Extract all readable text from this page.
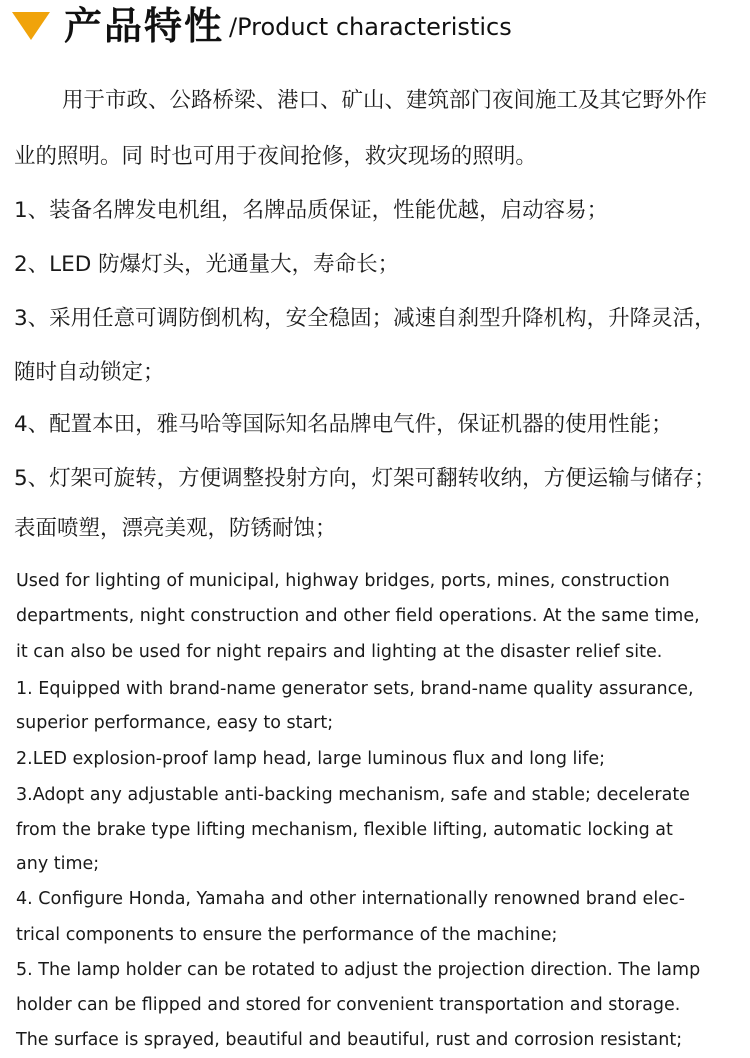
产品特性 /Product characteristics
用于市政、公路桥梁、港口、矿山、建筑部门夜间施工及其它野外作
业的照明。同 时也可用于夜间抢修，救灾现场的照明。
1、装备名牌发电机组，名牌品质保证，性能优越，启动容易；
2、LED 防爆灯头，光通量大，寿命长；
3、采用任意可调防倒机构，安全稳固；减速自刹型升降机构，升降灵活，
随时自动锁定；
4、配置本田，雅马哈等国际知名品牌电气件，保证机器的使用性能；
5、灯架可旋转，方便调整投射方向，灯架可翻转收纳，方便运输与储存；
表面喷塑，漂亮美观，防锈耐蚀；
Used for lighting of municipal, highway bridges, ports, mines, construction
departments, night construction and other field operations. At the same time,
it can also be used for night repairs and lighting at the disaster relief site.
1. Equipped with brand-name generator sets, brand-name quality assurance,
superior performance, easy to start;
2.LED explosion-proof lamp head, large luminous flux and long life;
3.Adopt any adjustable anti-backing mechanism, safe and stable; decelerate
from the brake type lifting mechanism, flexible lifting, automatic locking at
any time;
4. Configure Honda, Yamaha and other internationally renowned brand elec-
trical components to ensure the performance of the machine;
5. The lamp holder can be rotated to adjust the projection direction. The lamp
holder can be flipped and stored for convenient transportation and storage.
The surface is sprayed, beautiful and beautiful, rust and corrosion resistant;
